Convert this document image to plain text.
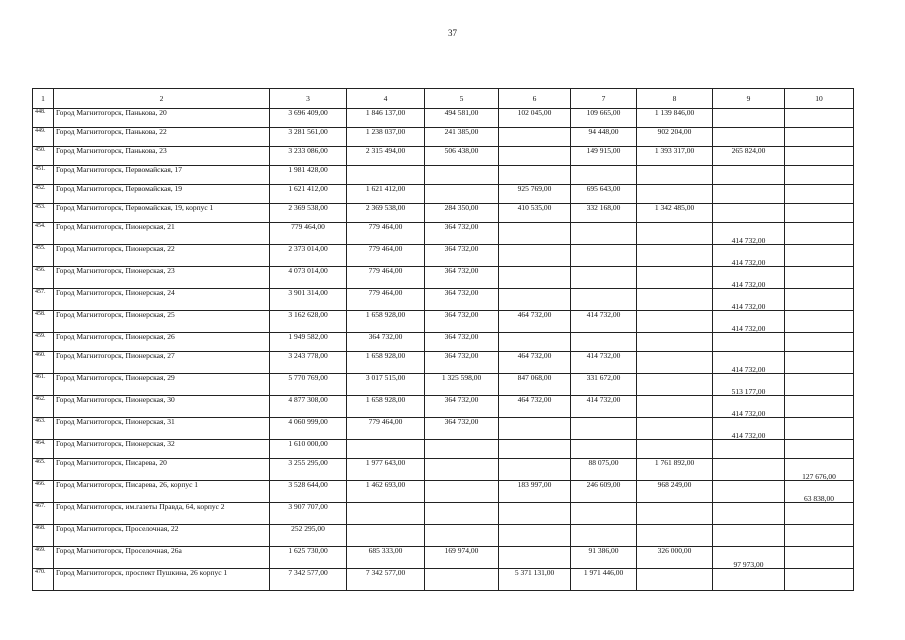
37
1	2	3	4	5	6	7	8	9	10
448.	Город Магнитогорск, Панькова, 20	3 696 409,00	1 846 137,00	494 581,00	102 045,00	109 665,00	1 139 846,00		
449.	Город Магнитогорск, Панькова, 22	3 281 561,00	1 238 037,00	241 385,00		94 448,00	902 204,00		
450.	Город Магнитогорск, Панькова, 23	3 233 086,00	2 315 494,00	506 438,00		149 915,00	1 393 317,00	265 824,00	
451.	Город Магнитогорск, Первомайская, 17	1 981 428,00							
452.	Город Магнитогорск, Первомайская, 19	1 621 412,00	1 621 412,00		925 769,00	695 643,00			
453.	Город Магнитогорск, Первомайская, 19, корпус 1	2 369 538,00	2 369 538,00	284 350,00	410 535,00	332 168,00	1 342 485,00		
454.	Город Магнитогорск, Пионерская, 21	779 464,00	779 464,00	364 732,00				414 732,00	
455.	Город Магнитогорск, Пионерская, 22	2 373 014,00	779 464,00	364 732,00				414 732,00	
456.	Город Магнитогорск, Пионерская, 23	4 073 014,00	779 464,00	364 732,00				414 732,00	
457.	Город Магнитогорск, Пионерская, 24	3 901 314,00	779 464,00	364 732,00				414 732,00	
458.	Город Магнитогорск, Пионерская, 25	3 162 628,00	1 658 928,00	364 732,00	464 732,00	414 732,00		414 732,00	
459.	Город Магнитогорск, Пионерская, 26	1 949 582,00	364 732,00	364 732,00					
460.	Город Магнитогорск, Пионерская, 27	3 243 778,00	1 658 928,00	364 732,00	464 732,00	414 732,00		414 732,00	
461.	Город Магнитогорск, Пионерская, 29	5 770 769,00	3 017 515,00	1 325 598,00	847 068,00	331 672,00		513 177,00	
462.	Город Магнитогорск, Пионерская, 30	4 877 308,00	1 658 928,00	364 732,00	464 732,00	414 732,00		414 732,00	
463.	Город Магнитогорск, Пионерская, 31	4 060 999,00	779 464,00	364 732,00				414 732,00	
464.	Город Магнитогорск, Пионерская, 32	1 610 000,00							
465.	Город Магнитогорск, Писарева, 20	3 255 295,00	1 977 643,00			88 075,00	1 761 892,00		127 676,00
466.	Город Магнитогорск, Писарева, 26, корпус 1	3 528 644,00	1 462 693,00		183 997,00	246 609,00	968 249,00		63 838,00
467.	Город Магнитогорск, им.газеты Правда, 64, корпус 2	3 907 707,00							
468.	Город Магнитогорск, Проселочная, 22	252 295,00							
469.	Город Магнитогорск, Проселочная, 26а	1 625 730,00	685 333,00	169 974,00		91 386,00	326 000,00	97 973,00	
470.	Город Магнитогорск, проспект Пушкина, 26 корпус 1	7 342 577,00	7 342 577,00		5 371 131,00	1 971 446,00			
